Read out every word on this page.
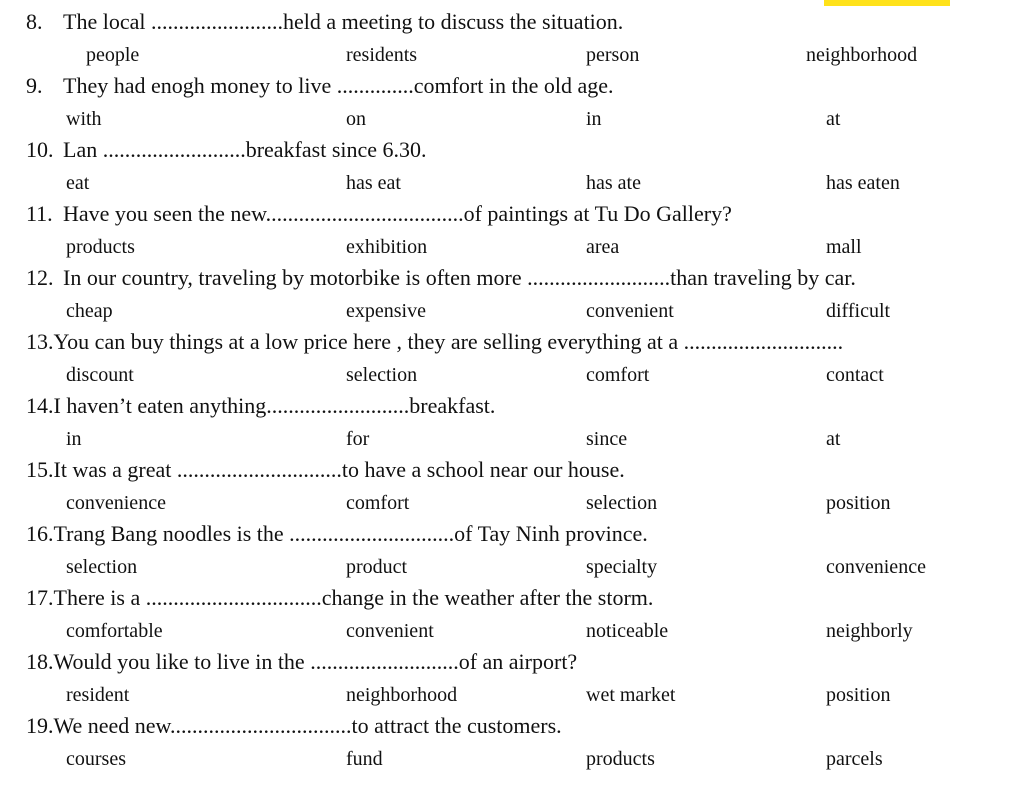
8. The local ........................held a meeting to discuss the situation.
people	residents	person	neighborhood
9. They had enogh money to live ..............comfort in the old age.
with	on	in	at
10. Lan ..........................breakfast since 6.30.
eat	has eat	has ate	has eaten
11. Have you seen the new....................................of paintings at Tu Do Gallery?
products	exhibition	area	mall
12. In our country, traveling by motorbike is often more ..........................than traveling by car.
cheap	expensive	convenient	difficult
13.You can buy things at a low price here , they are selling everything at a .............................
discount	selection	comfort	contact
14.I haven’t eaten anything..........................breakfast.
in	for	since	at
15.It was a great ..............................to have a school near our house.
convenience	comfort	selection	position
16.Trang Bang noodles is the ..............................of Tay Ninh province.
selection	product	specialty	convenience
17.There is a ................................change in the weather after the storm.
comfortable	convenient	noticeable	neighborly
18.Would you like to live in the ...........................of an airport?
resident	neighborhood	wet market	position
19.We need new.................................to attract the customers.
courses	fund	products	parcels
